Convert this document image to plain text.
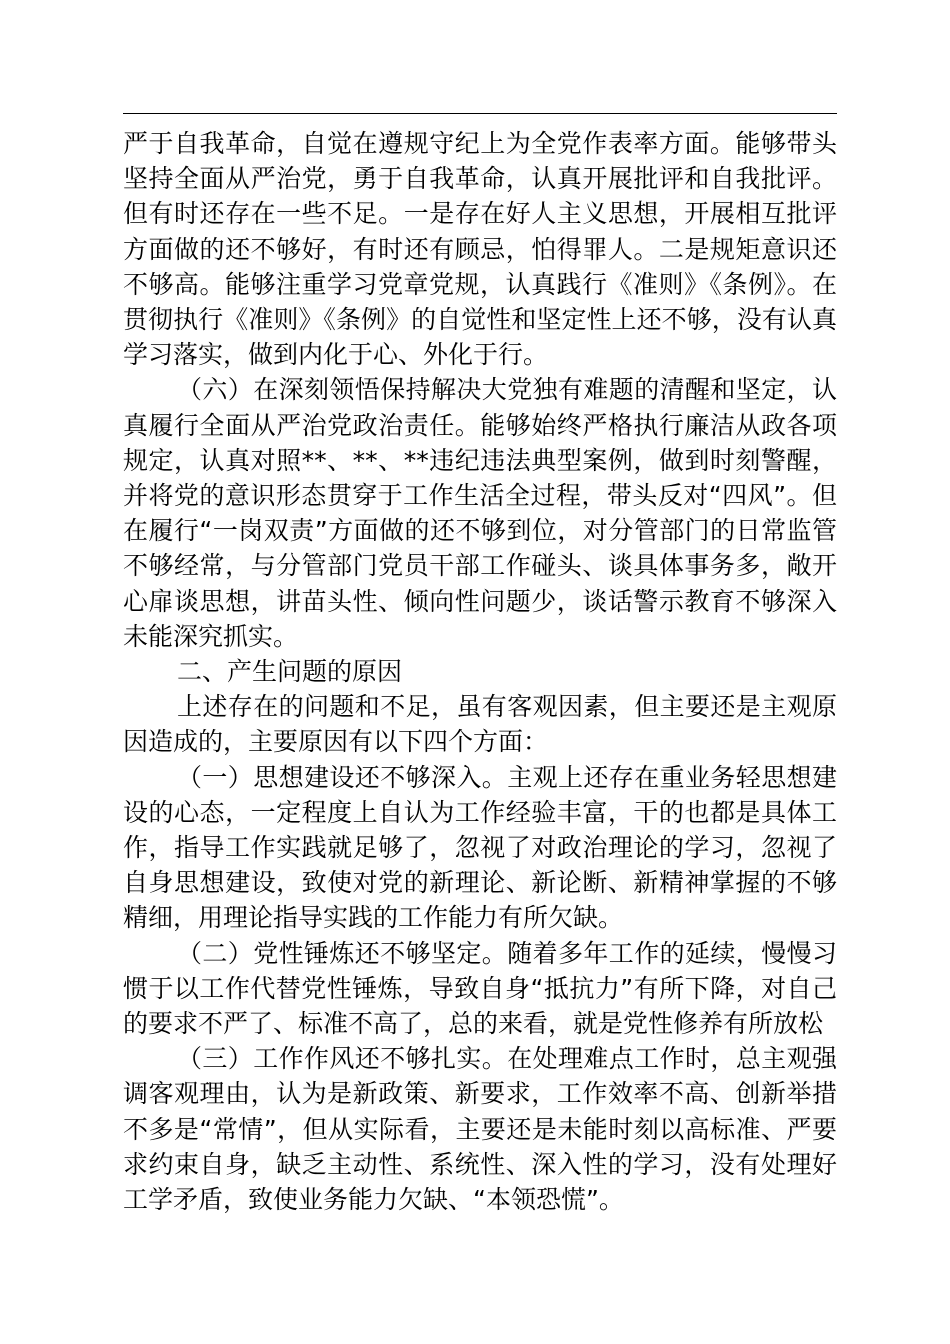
严于自我革命，自觉在遵规守纪上为全党作表率方面。能够带头坚持全面从严治党，勇于自我革命，认真开展批评和自我批评。但有时还存在一些不足。一是存在好人主义思想，开展相互批评方面做的还不够好，有时还有顾忌，怕得罪人。二是规矩意识还不够高。能够注重学习党章党规，认真践行《准则》《条例》。在贯彻执行《准则》《条例》的自觉性和坚定性上还不够，没有认真学习落实，做到内化于心、外化于行。

（六）在深刻领悟保持解决大党独有难题的清醒和坚定，认真履行全面从严治党政治责任。能够始终严格执行廉洁从政各项规定，认真对照**、**、**违纪违法典型案例，做到时刻警醒，并将党的意识形态贯穿于工作生活全过程，带头反对“四风”。但在履行“一岗双责”方面做的还不够到位，对分管部门的日常监管不够经常，与分管部门党员干部工作碰头、谈具体事务多，敞开心扉谈思想，讲苗头性、倾向性问题少，谈话警示教育不够深入未能深究抓实。

二、产生问题的原因

上述存在的问题和不足，虽有客观因素，但主要还是主观原因造成的，主要原因有以下四个方面：

（一）思想建设还不够深入。主观上还存在重业务轻思想建设的心态，一定程度上自认为工作经验丰富，干的也都是具体工作，指导工作实践就足够了，忽视了对政治理论的学习，忽视了自身思想建设，致使对党的新理论、新论断、新精神掌握的不够精细，用理论指导实践的工作能力有所欠缺。

（二）党性锤炼还不够坚定。随着多年工作的延续，慢慢习惯于以工作代替党性锤炼，导致自身“抵抗力”有所下降，对自己的要求不严了、标准不高了，总的来看，就是党性修养有所放松

（三）工作作风还不够扎实。在处理难点工作时，总主观强调客观理由，认为是新政策、新要求，工作效率不高、创新举措不多是“常情”，但从实际看，主要还是未能时刻以高标准、严要求约束自身，缺乏主动性、系统性、深入性的学习，没有处理好工学矛盾，致使业务能力欠缺、“本领恐慌”。
